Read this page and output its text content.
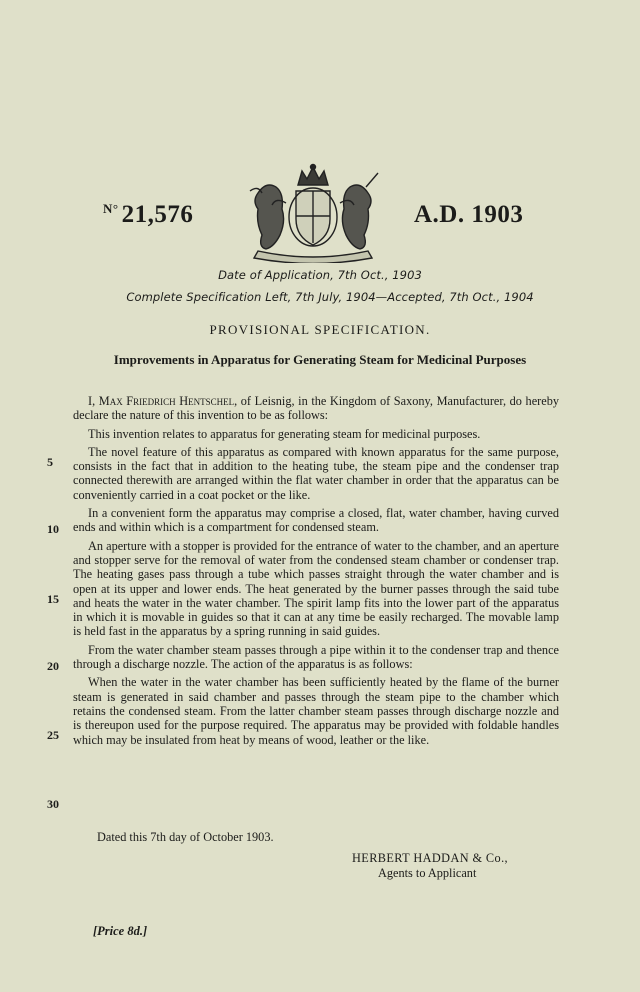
$^{N^\circ}$ 21,576	A.D. 1903
Date of Application, 7th Oct., 1903
Complete Specification Left, 7th July, 1904—Accepted, 7th Oct., 1904
PROVISIONAL SPECIFICATION.
Improvements in Apparatus for Generating Steam for Medicinal Purposes

I, Max Friedrich Hentschel, of Leisnig, in the Kingdom of Saxony, Manufacturer, do hereby declare the nature of this invention to be as follows:

This invention relates to apparatus for generating steam for medicinal purposes.

The novel feature of this apparatus as compared with known apparatus for the same purpose, consists in the fact that in addition to the heating tube, the steam pipe and the condenser trap connected therewith are arranged within the flat water chamber in order that the apparatus can be conveniently carried in a coat pocket or the like.

In a convenient form the apparatus may comprise a closed, flat, water chamber, having curved ends and within which is a compartment for condensed steam.

An aperture with a stopper is provided for the entrance of water to the chamber, and an aperture and stopper serve for the removal of water from the condensed steam chamber or condenser trap. The heating gases pass through a tube which passes straight through the water chamber and is open at its upper and lower ends. The heat generated by the burner passes through the said tube and heats the water in the water chamber. The spirit lamp fits into the lower part of the apparatus in which it is movable in guides so that it can at any time be easily recharged. The movable lamp is held fast in the apparatus by a spring running in said guides.

From the water chamber steam passes through a pipe within it to the condenser trap and thence through a discharge nozzle. The action of the apparatus is as follows:

When the water in the water chamber has been sufficiently heated by the flame of the burner steam is generated in said chamber and passes through the steam pipe to the chamber which retains the condensed steam. From the latter chamber steam passes through discharge nozzle and is thereupon used for the purpose required. The apparatus may be provided with foldable handles which may be insulated from heat by means of wood, leather or the like.

5
10
15
20
25
30
Dated this 7th day of October 1903.
HERBERT HADDAN & Co.,
Agents to Applicant
[Price 8d.]
